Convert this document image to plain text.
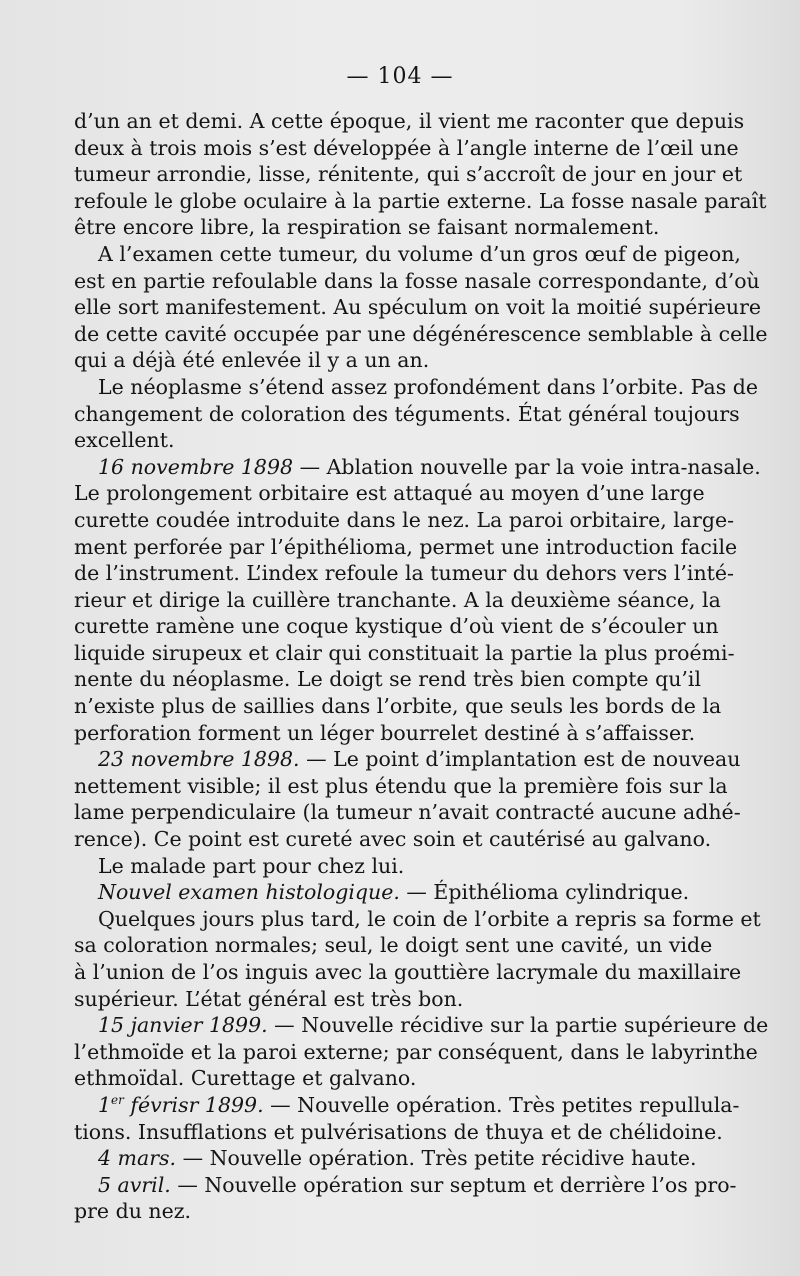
— 104 —
d’un an et demi. A cette époque, il vient me raconter que depuis
deux à trois mois s’est développée à l’angle interne de l’œil une
tumeur arrondie, lisse, rénitente, qui s’accroît de jour en jour et
refoule le globe oculaire à la partie externe. La fosse nasale paraît
être encore libre, la respiration se faisant normalement.
A l’examen cette tumeur, du volume d’un gros œuf de pigeon,
est en partie refoulable dans la fosse nasale correspondante, d’où
elle sort manifestement. Au spéculum on voit la moitié supérieure
de cette cavité occupée par une dégénérescence semblable à celle
qui a déjà été enlevée il y a un an.
Le néoplasme s’étend assez profondément dans l’orbite. Pas de
changement de coloration des téguments. État général toujours
excellent.
16 novembre 1898 — Ablation nouvelle par la voie intra-nasale.
Le prolongement orbitaire est attaqué au moyen d’une large
curette coudée introduite dans le nez. La paroi orbitaire, large-
ment perforée par l’épithélioma, permet une introduction facile
de l’instrument. L’index refoule la tumeur du dehors vers l’inté-
rieur et dirige la cuillère tranchante. A la deuxième séance, la
curette ramène une coque kystique d’où vient de s’écouler un
liquide sirupeux et clair qui constituait la partie la plus proémi-
nente du néoplasme. Le doigt se rend très bien compte qu’il
n’existe plus de saillies dans l’orbite, que seuls les bords de la
perforation forment un léger bourrelet destiné à s’affaisser.
23 novembre 1898. — Le point d’implantation est de nouveau
nettement visible; il est plus étendu que la première fois sur la
lame perpendiculaire (la tumeur n’avait contracté aucune adhé-
rence). Ce point est cureté avec soin et cautérisé au galvano.
Le malade part pour chez lui.
Nouvel examen histologique. — Épithélioma cylindrique.
Quelques jours plus tard, le coin de l’orbite a repris sa forme et
sa coloration normales; seul, le doigt sent une cavité, un vide
à l’union de l’os inguis avec la gouttière lacrymale du maxillaire
supérieur. L’état général est très bon.
15 janvier 1899. — Nouvelle récidive sur la partie supérieure de
l’ethmoïde et la paroi externe; par conséquent, dans le labyrinthe
ethmoïdal. Curettage et galvano.
1er févrisr 1899. — Nouvelle opération. Très petites repullula-
tions. Insufflations et pulvérisations de thuya et de chélidoine.
4 mars. — Nouvelle opération. Très petite récidive haute.
5 avril. — Nouvelle opération sur septum et derrière l’os pro-
pre du nez.
